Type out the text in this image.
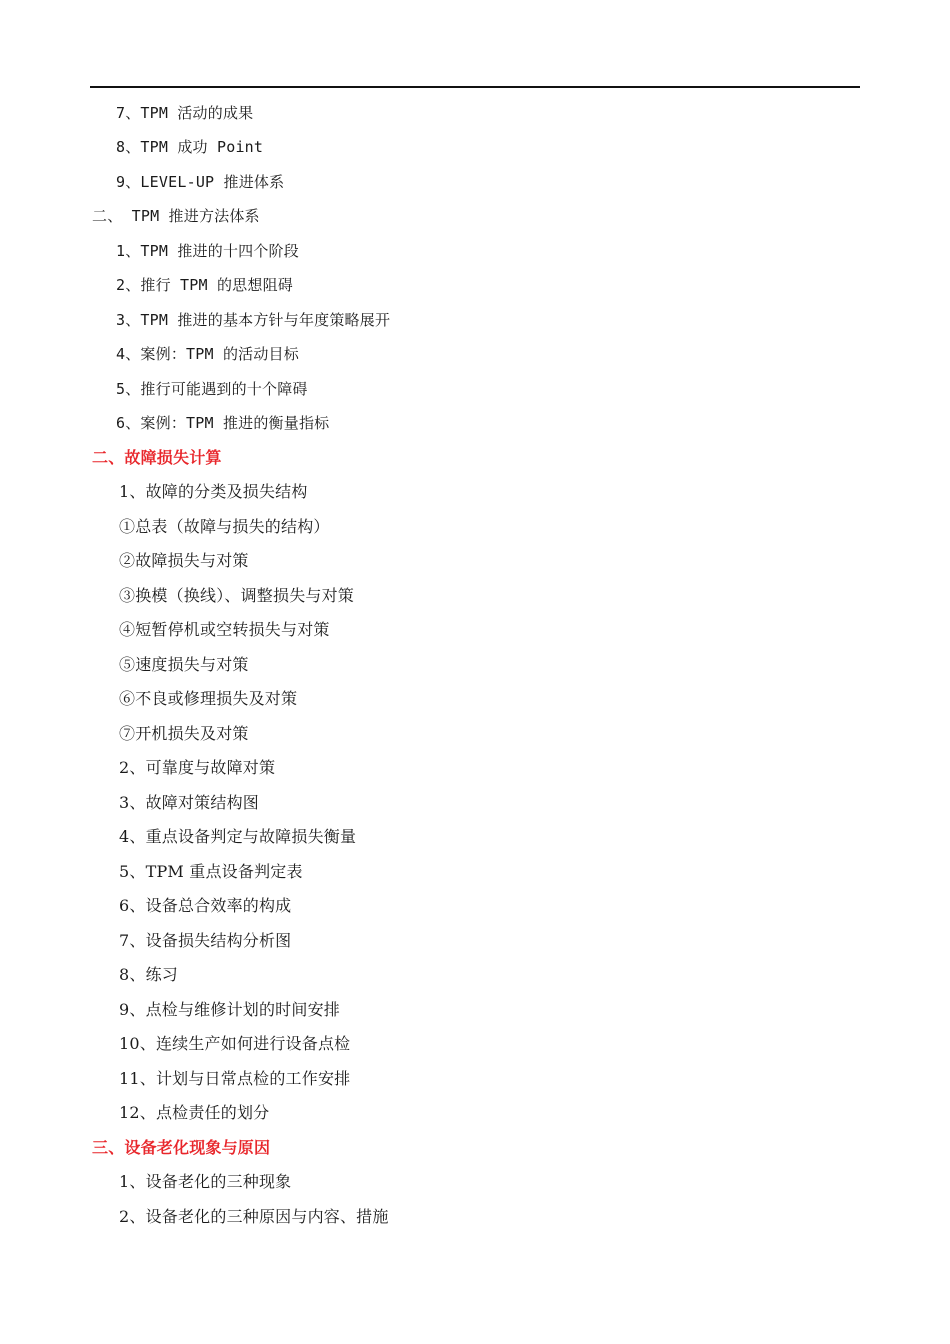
7、TPM 活动的成果
8、TPM 成功 Point
9、LEVEL-UP 推进体系
二、 TPM 推进方法体系
1、TPM 推进的十四个阶段
2、推行 TPM 的思想阻碍
3、TPM 推进的基本方针与年度策略展开
4、案例：TPM 的活动目标
5、推行可能遇到的十个障碍
6、案例：TPM 推进的衡量指标
二、故障损失计算
1、故障的分类及损失结构
①总表（故障与损失的结构）
②故障损失与对策
③换模（换线）、调整损失与对策
④短暂停机或空转损失与对策
⑤速度损失与对策
⑥不良或修理损失及对策
⑦开机损失及对策
2、可靠度与故障对策
3、故障对策结构图
4、重点设备判定与故障损失衡量
5、TPM 重点设备判定表
6、设备总合效率的构成
7、设备损失结构分析图
8、练习
9、点检与维修计划的时间安排
10、连续生产如何进行设备点检
11、计划与日常点检的工作安排
12、点检责任的划分
三、设备老化现象与原因
1、设备老化的三种现象
2、设备老化的三种原因与内容、措施
